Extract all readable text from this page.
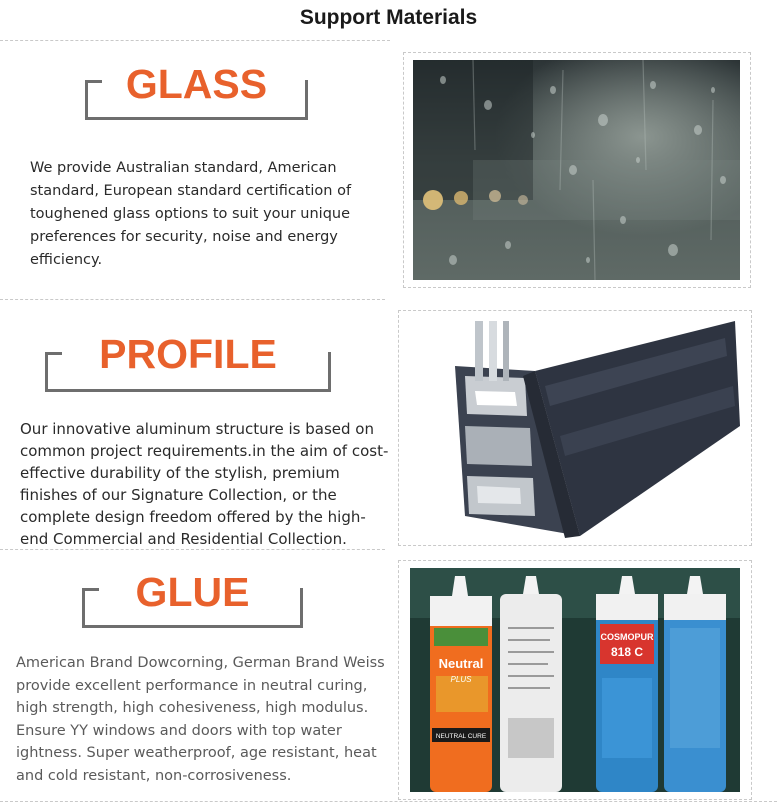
Support Materials
GLASS
We provide Australian standard, American standard, European standard certification of toughened glass options to suit your unique preferences for security, noise and energy efficiency.
PROFILE
Our innovative aluminum structure is based on common project requirements.in the aim of cost-effective durability of the stylish, premium finishes of our Signature Collection, or the complete design freedom offered by the high-end Commercial and Residential Collection.
GLUE
American Brand Dowcorning, German Brand Weiss provide excellent performance in neutral curing, high strength, high cohesiveness, high modulus. Ensure YY windows and doors with top water ightness. Super weatherproof, age resistant, heat and cold resistant, non-corrosiveness.
Neutral
PLUS
NEUTRAL CURE
COSMOPUR
818 C
